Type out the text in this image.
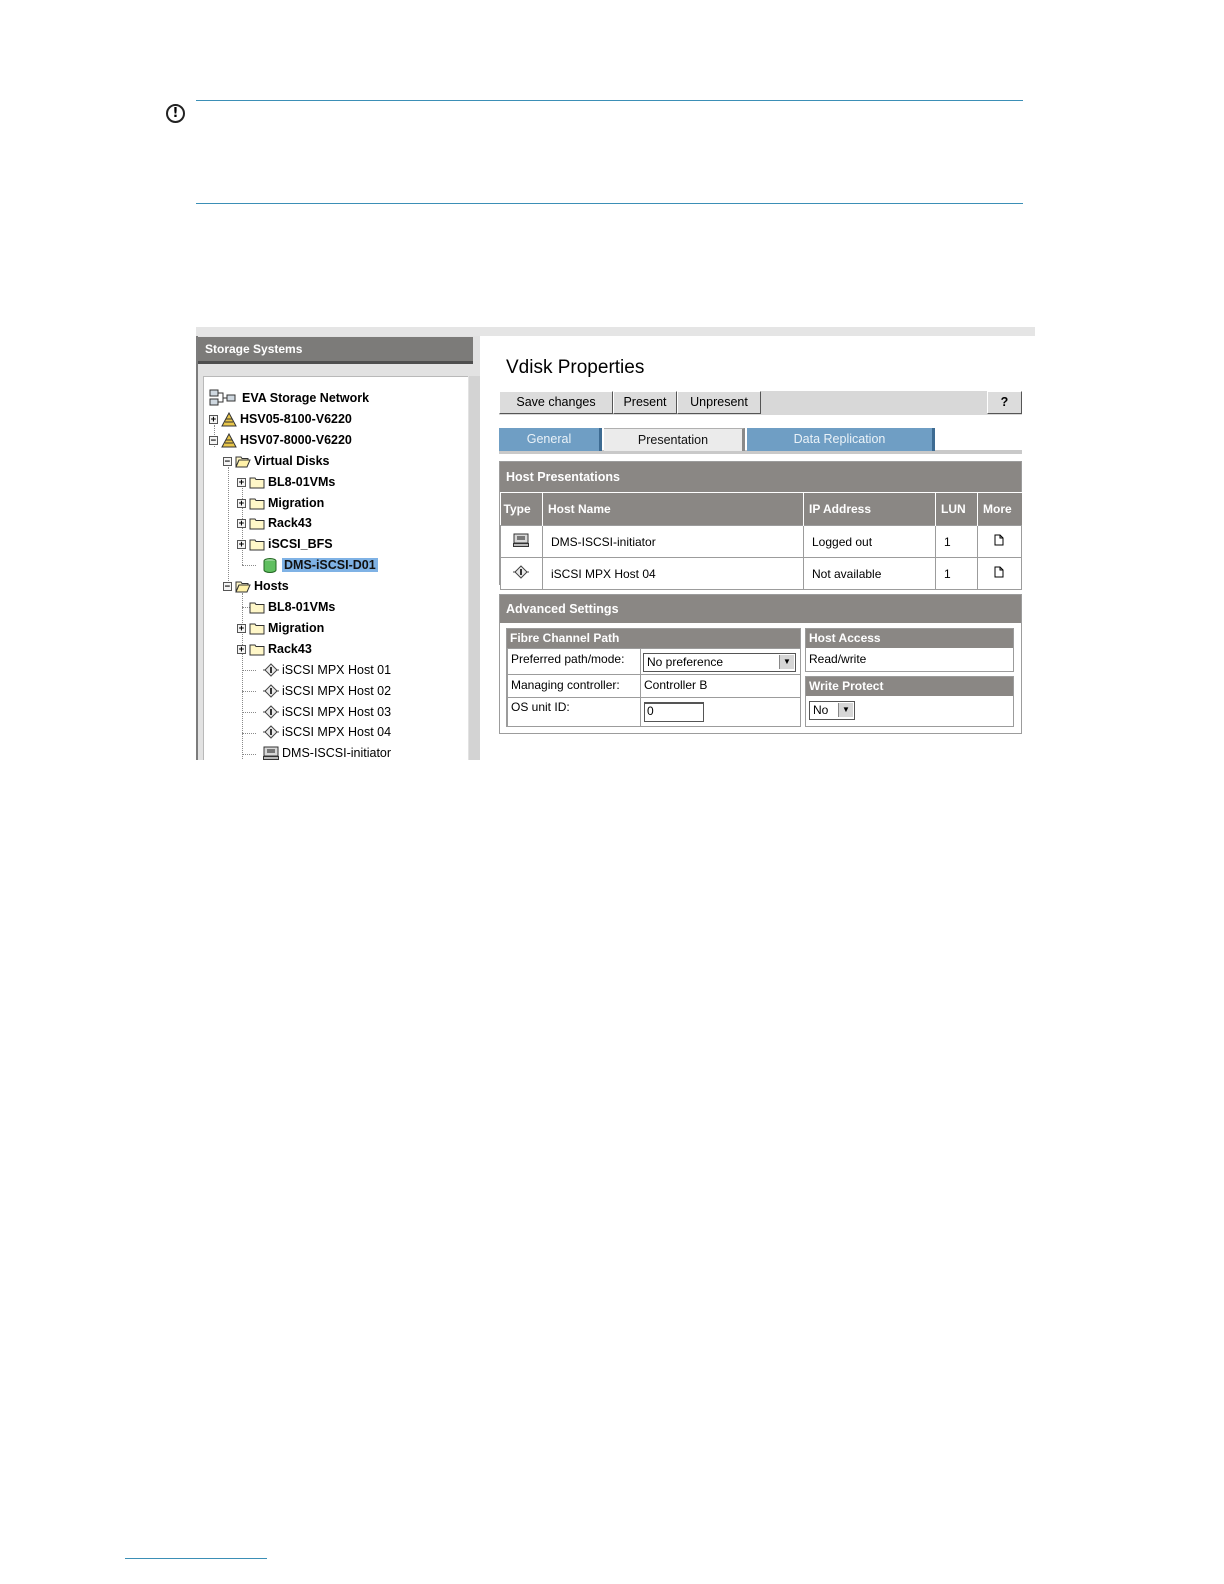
!
Storage Systems
EVA Storage Network
+ HSV05-8100-V6220
− HSV07-8000-V6220
− Virtual Disks
+ BL8-01VMs
+ Migration
+ Rack43
+ iSCSI_BFS
DMS-iSCSI-D01
− Hosts
BL8-01VMs
+ Migration
+ Rack43
iSCSI MPX Host 01
iSCSI MPX Host 02
iSCSI MPX Host 03
iSCSI MPX Host 04
DMS-ISCSI-initiator
Vdisk Properties
Save changes	Present	Unpresent	?
General	Presentation	Data Replication
Host Presentations
Type	Host Name	IP Address	LUN	More
	DMS-ISCSI-initiator	Logged out	1	
	iSCSI MPX Host 04	Not available	1	
Advanced Settings
Fibre Channel Path
Preferred path/mode:	No preference	▼
Managing controller:	Controller B
OS unit ID:	0
Host Access
Read/write
Write Protect
No	▼
